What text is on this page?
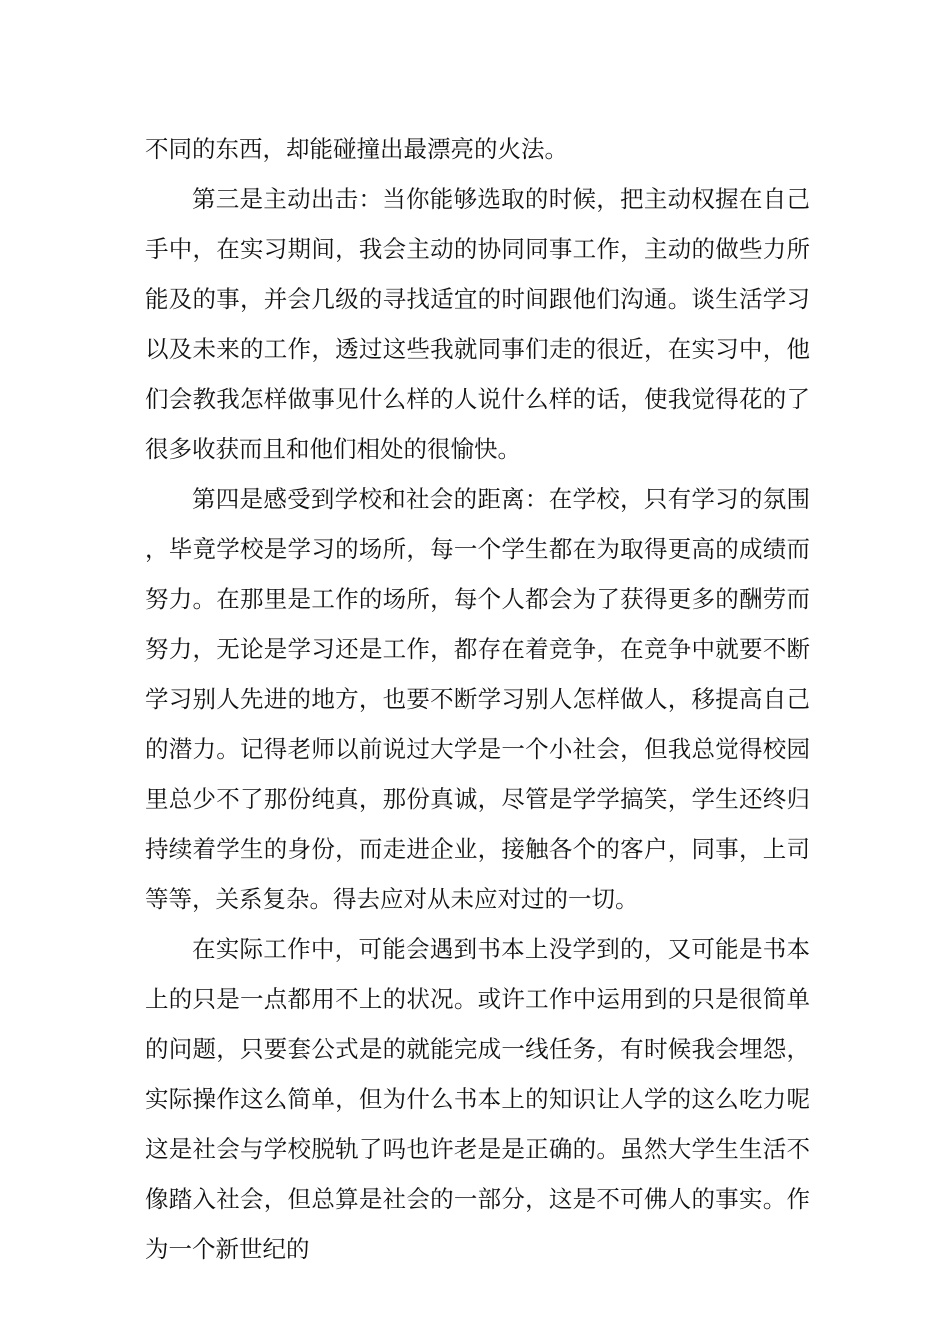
不同的东西，却能碰撞出最漂亮的火法。

第三是主动出击：当你能够选取的时候，把主动权握在自己手中，在实习期间，我会主动的协同同事工作，主动的做些力所能及的事，并会几级的寻找适宜的时间跟他们沟通。谈生活学习以及未来的工作，透过这些我就同事们走的很近，在实习中，他们会教我怎样做事见什么样的人说什么样的话，使我觉得花的了很多收获而且和他们相处的很愉快。

第四是感受到学校和社会的距离：在学校，只有学习的氛围，毕竟学校是学习的场所，每一个学生都在为取得更高的成绩而努力。在那里是工作的场所，每个人都会为了获得更多的酬劳而努力，无论是学习还是工作，都存在着竞争，在竞争中就要不断学习别人先进的地方，也要不断学习别人怎样做人，移提高自己的潜力。记得老师以前说过大学是一个小社会，但我总觉得校园里总少不了那份纯真，那份真诚，尽管是学学搞笑，学生还终归持续着学生的身份，而走进企业，接触各个的客户，同事，上司等等，关系复杂。得去应对从未应对过的一切。

在实际工作中，可能会遇到书本上没学到的，又可能是书本上的只是一点都用不上的状况。或许工作中运用到的只是很简单的问题，只要套公式是的就能完成一线任务，有时候我会埋怨，实际操作这么简单，但为什么书本上的知识让人学的这么吃力呢这是社会与学校脱轨了吗也许老是是正确的。虽然大学生生活不像踏入社会，但总算是社会的一部分，这是不可佛人的事实。作为一个新世纪的
